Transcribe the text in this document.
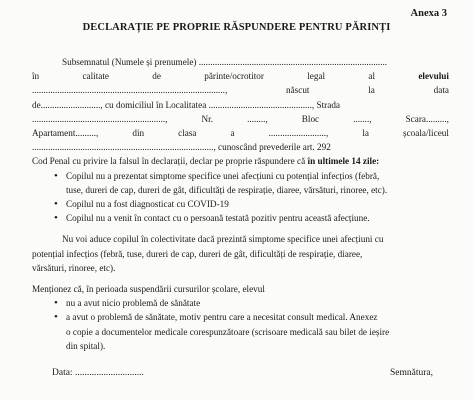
Anexa 3
DECLARAȚIE PE PROPRIE RĂSPUNDERE PENTRU PĂRINȚI
Subsemnatul (Numele și prenumele) ..................................................................................
în	calitate	de	părinte/ocrotitor	legal	al	elevului
....................................................................................,	născut	la	data
de.........................., cu domiciliul în Localitatea ............................................., Strada
..........................................................,	Nr.	........,	Bloc	.......,	Scara.........,
Apartament.........,	din	clasa	a	.........................,	la	școala/liceul
..............................................................................., cunoscând prevederile art. 292
Cod Penal cu privire la falsul în declarații, declar pe proprie răspundere că
în ultimele 14 zile :
• Copilul nu a prezentat simptome specifice unei afecțiuni cu potențial infecțios (febră,
tuse, dureri de cap, dureri de gât, dificultăți de respirație, diaree, vărsături, rinoree, etc).
• Copilul nu a fost diagnosticat cu COVID-19
• Copilul nu a venit în contact cu o persoană testată pozitiv pentru această afecțiune.
Nu voi aduce copilul în colectivitate dacă prezintă simptome specifice unei afecțiuni cu
potențial infecțios (febră, tuse, dureri de cap, dureri de gât, dificultăți de respirație, diaree,
vărsături, rinoree, etc).
Menționez că, în perioada suspendării cursurilor școlare, elevul
• nu a avut nicio problemă de sănătate
• a avut o problemă de sănătate, motiv pentru care a necesitat consult medical. Anexez
o copie a documentelor medicale corespunzătoare (scrisoare medicală sau bilet de ieșire
din spital).
Data: .............................	Semnătura,
